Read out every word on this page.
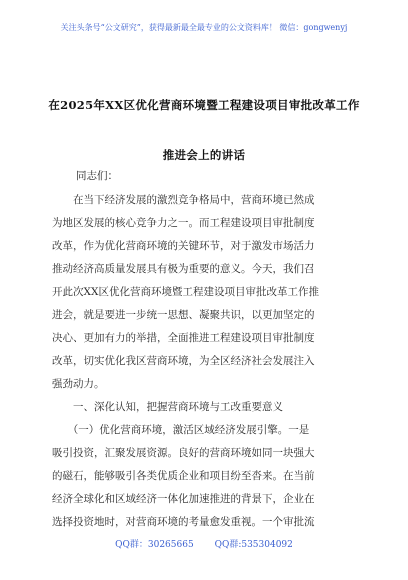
关注头条号“公文研究”，获得最新最全最专业的公文资料库！ 微信：gongwenyj
在2025年XX区优化营商环境暨工程建设项目审批改革工作
推进会上的讲话
同志们：
　　在当下经济发展的激烈竞争格局中，营商环境已然成
为地区发展的核心竞争力之一。而工程建设项目审批制度
改革，作为优化营商环境的关键环节，对于激发市场活力
推动经济高质量发展具有极为重要的意义。今天，我们召
开此次XX区优化营商环境暨工程建设项目审批改革工作推
进会，就是要进一步统一思想、凝聚共识，以更加坚定的
决心、更加有力的举措，全面推进工程建设项目审批制度
改革，切实优化我区营商环境，为全区经济社会发展注入
强劲动力。
　　一、深化认知，把握营商环境与工改重要意义
　　（一）优化营商环境，激活区域经济发展引擎。一是
吸引投资，汇聚发展资源。良好的营商环境如同一块强大
的磁石，能够吸引各类优质企业和项目纷至沓来。在当前
经济全球化和区域经济一体化加速推进的背景下，企业在
选择投资地时，对营商环境的考量愈发重视。一个审批流
QQ群：30265665 QQ群:535304092
